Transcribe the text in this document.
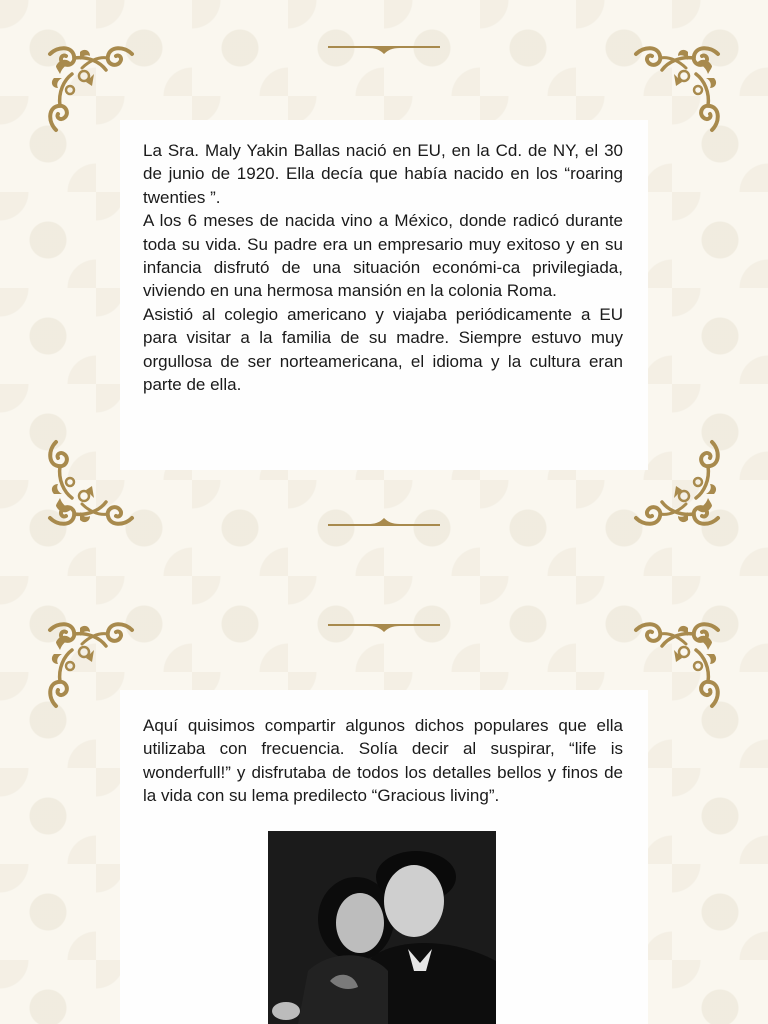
La Sra. Maly Yakin Ballas nació en EU, en la Cd. de NY, el 30 de junio de 1920. Ella decía que había nacido en los “roaring twenties ”.

A los 6 meses de nacida vino a México, donde radicó durante toda su vida. Su padre era un empresario muy exitoso y en su infancia disfrutó de una situación económi-ca privilegiada, viviendo en una hermosa mansión en la colonia Roma.

Asistió al colegio americano y viajaba periódicamente a EU para visitar a la familia de su madre. Siempre estuvo muy orgullosa de ser norteamericana, el idioma y la cultura eran parte de ella.

Aquí quisimos compartir algunos dichos populares que ella utilizaba con frecuencia. Solía decir al suspirar, “life is wonderfull!” y disfrutaba de todos los detalles bellos y finos de la vida con su lema predilecto “Gracious living”.
